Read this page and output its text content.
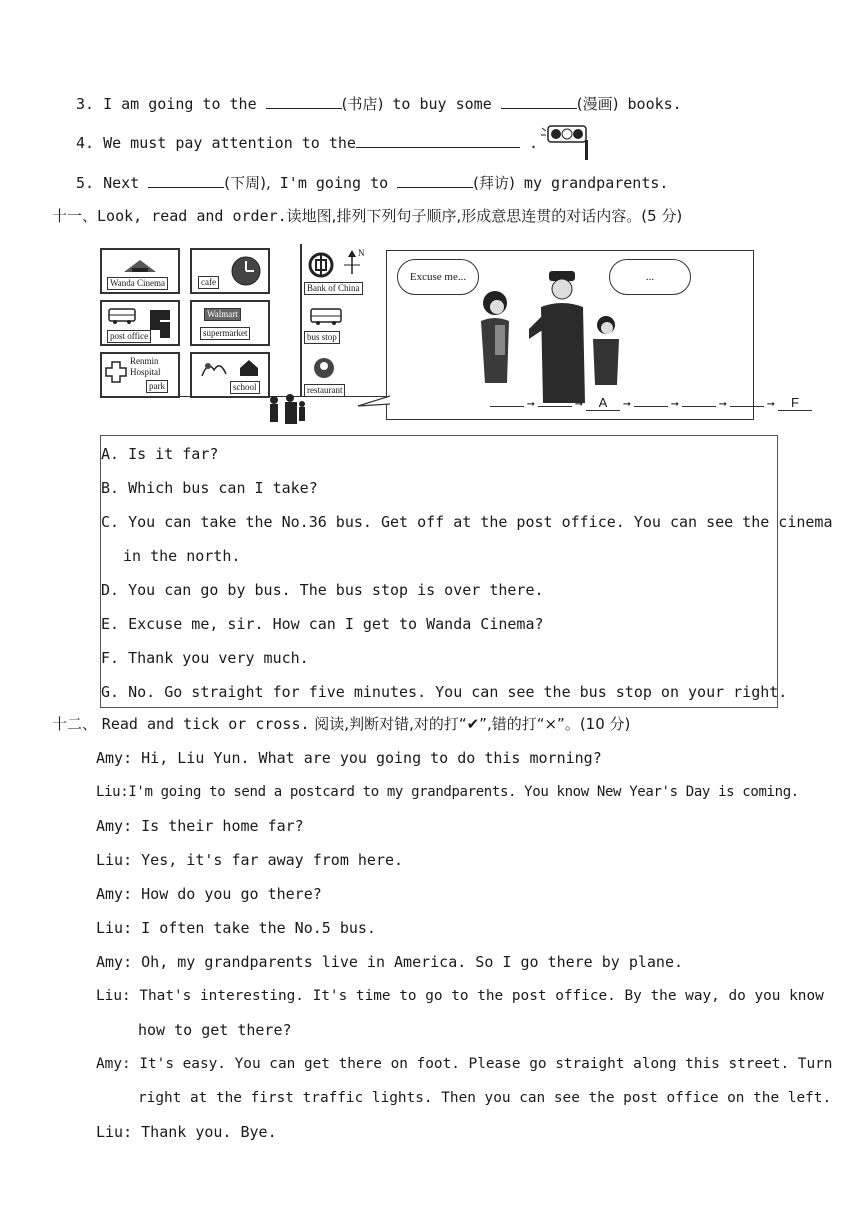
3. I am going to the	(书店) to buy some	(漫画) books.
4. We must pay attention to the	.
5. Next	(下周), I'm going to	(拜访) my grandparents.
十一、Look, read and order.读地图,排列下列句子顺序,形成意思连贯的对话内容。(5 分)
Wanda Cinema	cafe
post office
Walmart
supermarket
Renmin Hospital
park	school
N
Bank of China
bus stop
restaurant
Excuse me...	...
➞	➞ A ➞	➞	➞	➞ F
A. Is it far?
B. Which bus can I take?
C. You can take the No.36 bus. Get off at the post office. You can see the cinema
in the north.
D. You can go by bus. The bus stop is over there.
E. Excuse me, sir. How can I get to Wanda Cinema?
F. Thank you very much.
G. No. Go straight for five minutes. You can see the bus stop on your right.
十二、 Read and tick or cross. 阅读,判断对错,对的打“✔”,错的打“×”。(10 分)
Amy: Hi, Liu Yun. What are you going to do this morning?
Liu:I'm going to send a postcard to my grandparents. You know New Year's Day is coming.
Amy: Is their home far?
Liu: Yes, it's far away from here.
Amy: How do you go there?
Liu: I often take the No.5 bus.
Amy: Oh, my grandparents live in America. So I go there by plane.
Liu: That's interesting. It's time to go to the post office. By the way, do you know
how to get there?
Amy: It's easy. You can get there on foot. Please go straight along this street. Turn
right at the first traffic lights. Then you can see the post office on the left.
Liu: Thank you. Bye.
